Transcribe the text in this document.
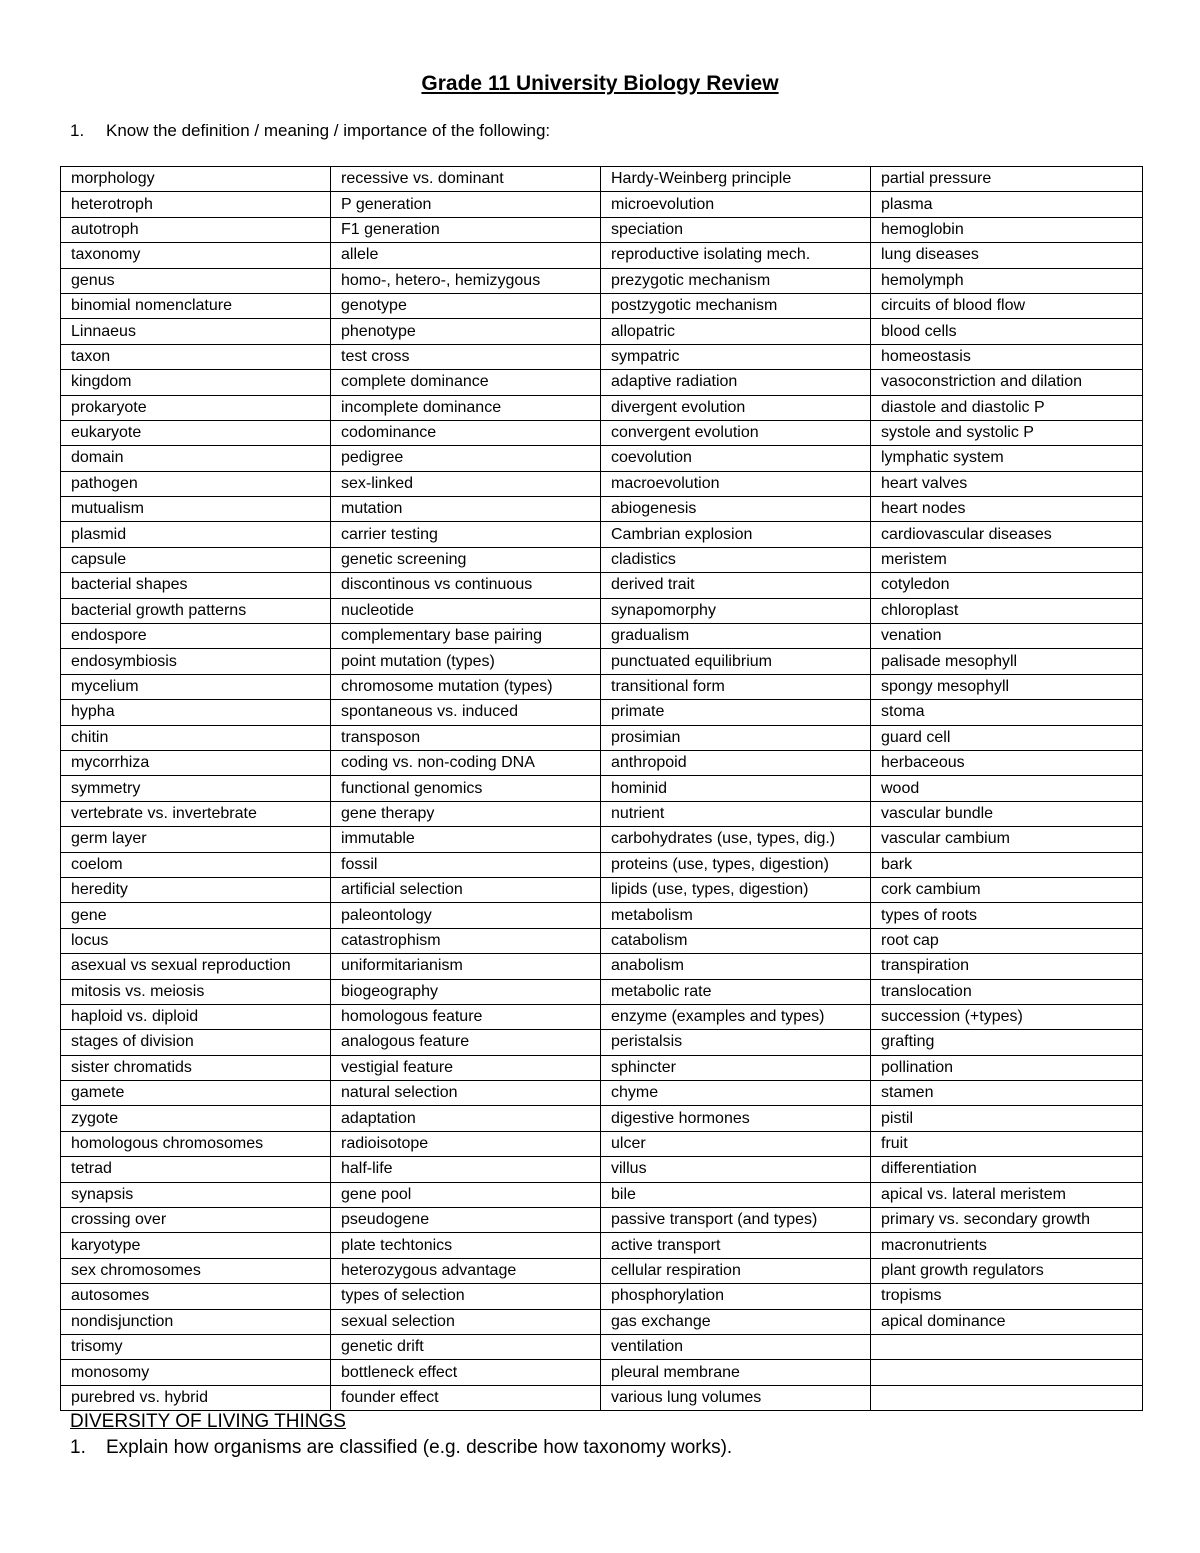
Grade 11 University Biology Review
1. Know the definition / meaning / importance of the following:
morphology	recessive vs. dominant	Hardy-Weinberg principle	partial pressure
heterotroph	P generation	microevolution	plasma
autotroph	F1 generation	speciation	hemoglobin
taxonomy	allele	reproductive isolating mech.	lung diseases
genus	homo-, hetero-, hemizygous	prezygotic mechanism	hemolymph
binomial nomenclature	genotype	postzygotic mechanism	circuits of blood flow
Linnaeus	phenotype	allopatric	blood cells
taxon	test cross	sympatric	homeostasis
kingdom	complete dominance	adaptive radiation	vasoconstriction and dilation
prokaryote	incomplete dominance	divergent evolution	diastole and diastolic P
eukaryote	codominance	convergent evolution	systole and systolic P
domain	pedigree	coevolution	lymphatic system
pathogen	sex-linked	macroevolution	heart valves
mutualism	mutation	abiogenesis	heart nodes
plasmid	carrier testing	Cambrian explosion	cardiovascular diseases
capsule	genetic screening	cladistics	meristem
bacterial shapes	discontinous vs continuous	derived trait	cotyledon
bacterial growth patterns	nucleotide	synapomorphy	chloroplast
endospore	complementary base pairing	gradualism	venation
endosymbiosis	point mutation (types)	punctuated equilibrium	palisade mesophyll
mycelium	chromosome mutation (types)	transitional form	spongy mesophyll
hypha	spontaneous vs. induced	primate	stoma
chitin	transposon	prosimian	guard cell
mycorrhiza	coding vs. non-coding DNA	anthropoid	herbaceous
symmetry	functional genomics	hominid	wood
vertebrate vs. invertebrate	gene therapy	nutrient	vascular bundle
germ layer	immutable	carbohydrates (use, types, dig.)	vascular cambium
coelom	fossil	proteins (use, types, digestion)	bark
heredity	artificial selection	lipids (use, types, digestion)	cork cambium
gene	paleontology	metabolism	types of roots
locus	catastrophism	catabolism	root cap
asexual vs sexual reproduction	uniformitarianism	anabolism	transpiration
mitosis vs. meiosis	biogeography	metabolic rate	translocation
haploid vs. diploid	homologous feature	enzyme (examples and types)	succession (+types)
stages of division	analogous feature	peristalsis	grafting
sister chromatids	vestigial feature	sphincter	pollination
gamete	natural selection	chyme	stamen
zygote	adaptation	digestive hormones	pistil
homologous chromosomes	radioisotope	ulcer	fruit
tetrad	half-life	villus	differentiation
synapsis	gene pool	bile	apical vs. lateral meristem
crossing over	pseudogene	passive transport (and types)	primary vs. secondary growth
karyotype	plate techtonics	active transport	macronutrients
sex chromosomes	heterozygous advantage	cellular respiration	plant growth regulators
autosomes	types of selection	phosphorylation	tropisms
nondisjunction	sexual selection	gas exchange	apical dominance
trisomy	genetic drift	ventilation	
monosomy	bottleneck effect	pleural membrane	
purebred vs. hybrid	founder effect	various lung volumes	
DIVERSITY OF LIVING THINGS
1. Explain how organisms are classified (e.g. describe how taxonomy works).
